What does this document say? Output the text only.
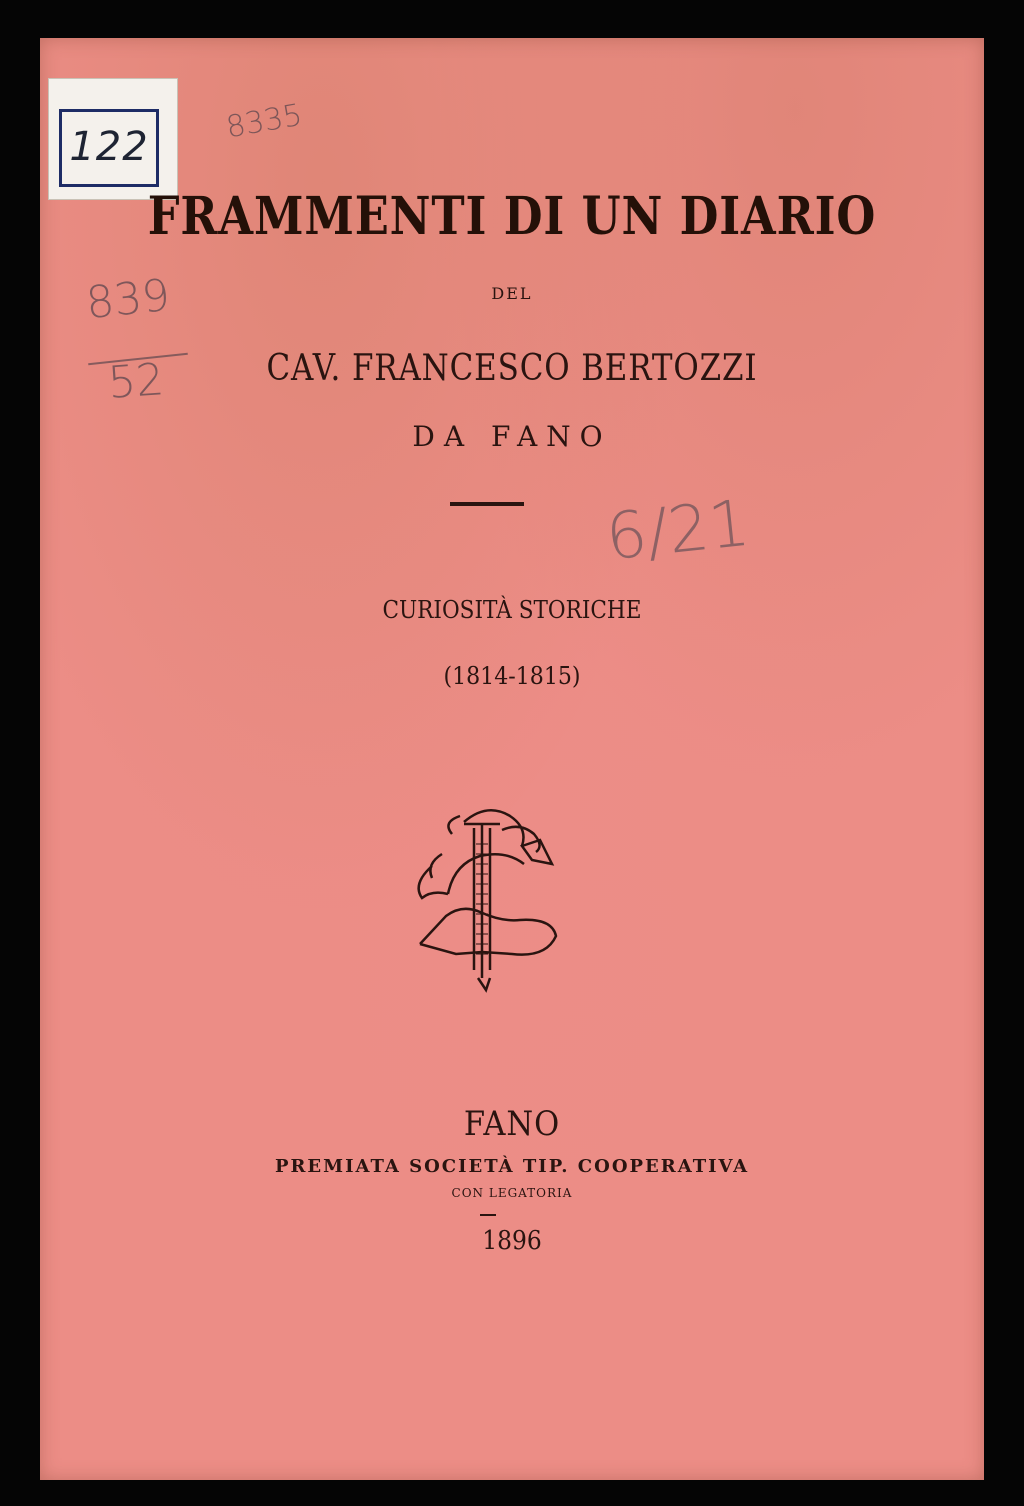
122
8335
839
52
6/21
FRAMMENTI DI UN DIARIO
DEL
CAV. FRANCESCO BERTOZZI
DA FANO
CURIOSITÀ STORICHE
(1814-1815)
FANO
PREMIATA SOCIETÀ TIP. COOPERATIVA
CON LEGATORIA
1896
